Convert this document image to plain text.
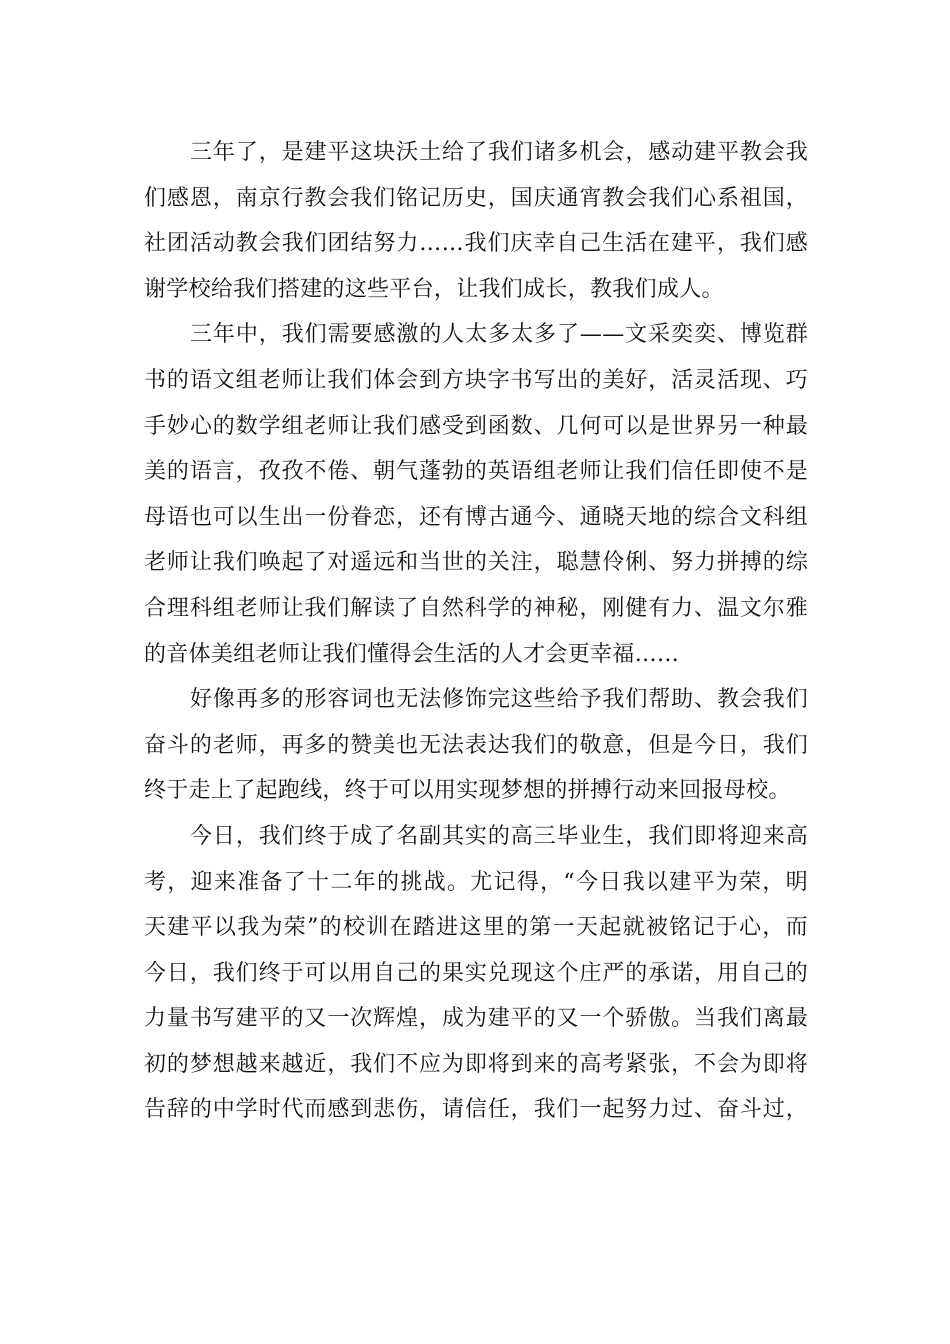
三年了，是建平这块沃土给了我们诸多机会，感动建平教会我
们感恩，南京行教会我们铭记历史，国庆通宵教会我们心系祖国，
社团活动教会我们团结努力……我们庆幸自己生活在建平，我们感
谢学校给我们搭建的这些平台，让我们成长，教我们成人。
三年中，我们需要感激的人太多太多了——文采奕奕、博览群
书的语文组老师让我们体会到方块字书写出的美好，活灵活现、巧
手妙心的数学组老师让我们感受到函数、几何可以是世界另一种最
美的语言，孜孜不倦、朝气蓬勃的英语组老师让我们信任即使不是
母语也可以生出一份眷恋，还有博古通今、通晓天地的综合文科组
老师让我们唤起了对遥远和当世的关注，聪慧伶俐、努力拼搏的综
合理科组老师让我们解读了自然科学的神秘，刚健有力、温文尔雅
的音体美组老师让我们懂得会生活的人才会更幸福……
好像再多的形容词也无法修饰完这些给予我们帮助、教会我们
奋斗的老师，再多的赞美也无法表达我们的敬意，但是今日，我们
终于走上了起跑线，终于可以用实现梦想的拼搏行动来回报母校。
今日，我们终于成了名副其实的高三毕业生，我们即将迎来高
考，迎来准备了十二年的挑战。尤记得，“今日我以建平为荣，明
天建平以我为荣”的校训在踏进这里的第一天起就被铭记于心，而
今日，我们终于可以用自己的果实兑现这个庄严的承诺，用自己的
力量书写建平的又一次辉煌，成为建平的又一个骄傲。当我们离最
初的梦想越来越近，我们不应为即将到来的高考紧张，不会为即将
告辞的中学时代而感到悲伤，请信任，我们一起努力过、奋斗过，
